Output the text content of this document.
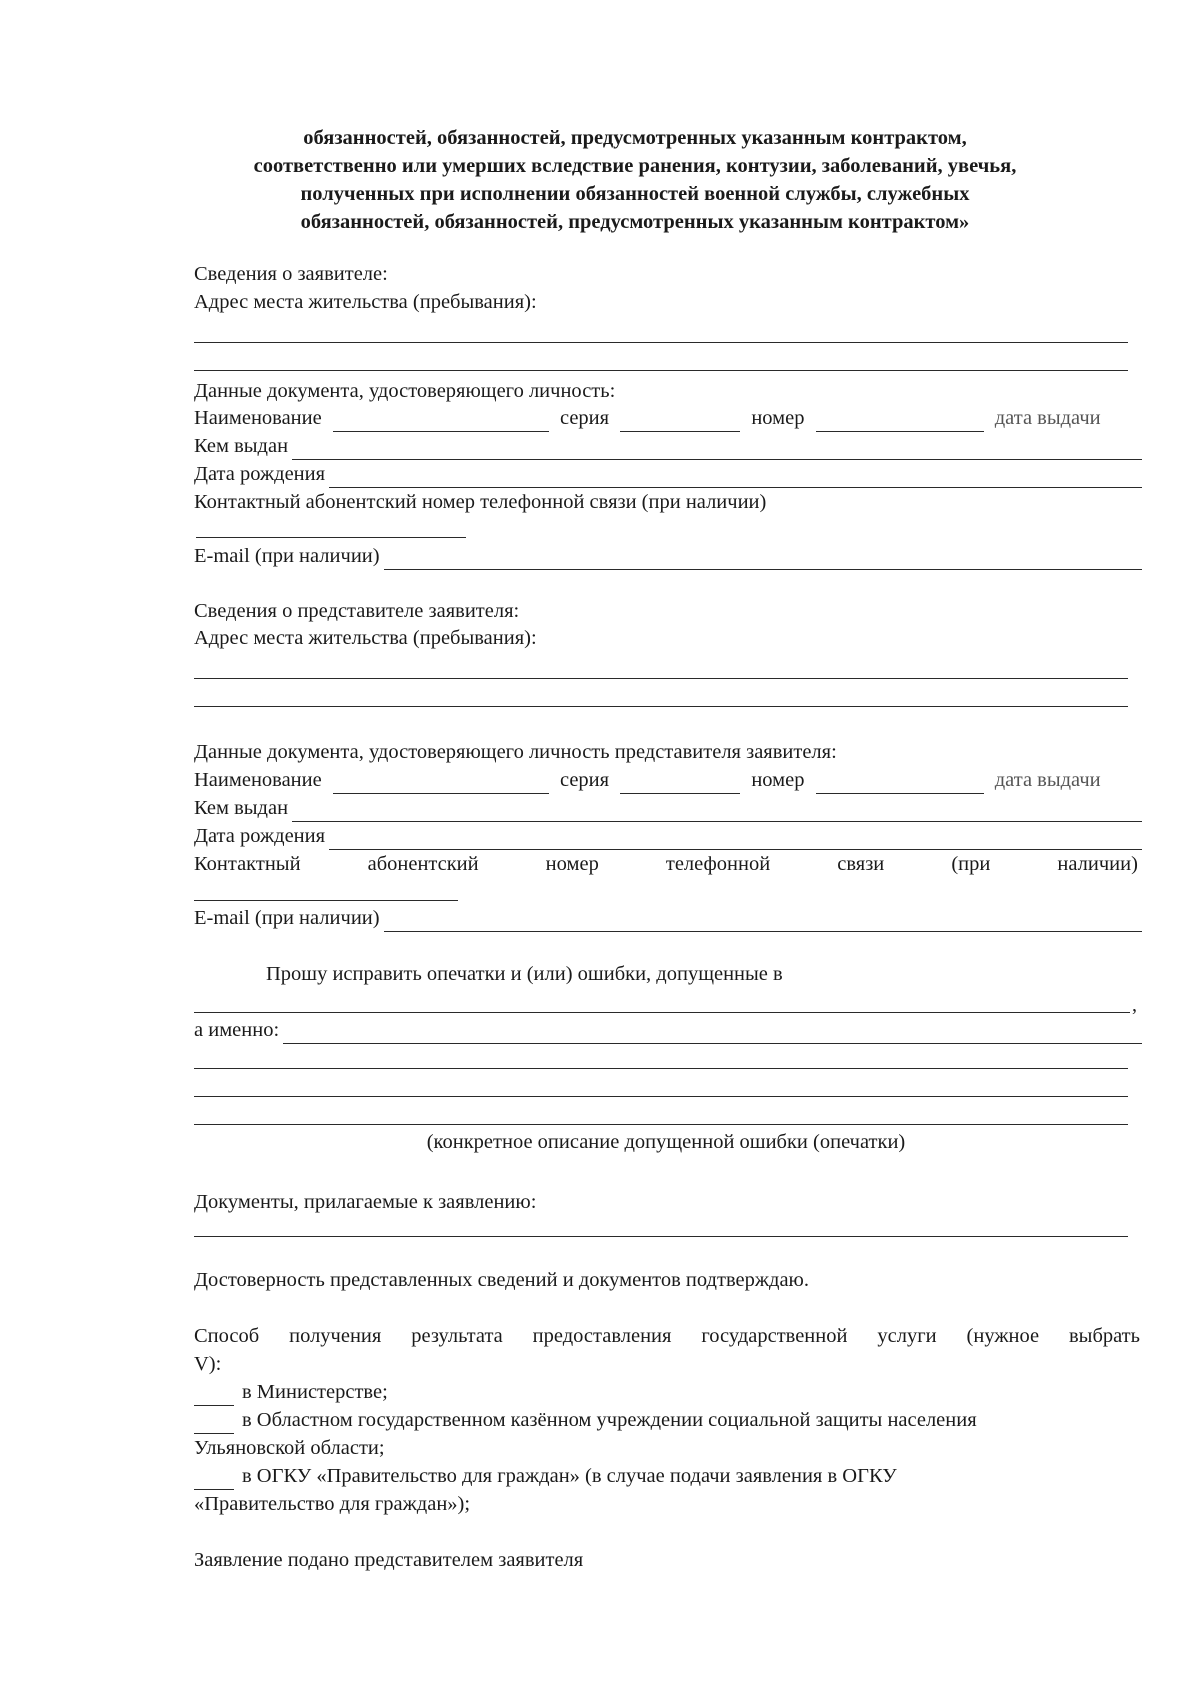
обязанностей, обязанностей, предусмотренных указанным контрактом,
соответственно или умерших вследствие ранения, контузии, заболеваний, увечья,
полученных при исполнении обязанностей военной службы, служебных
обязанностей, обязанностей, предусмотренных указанным контрактом»
Сведения о заявителе:
Адрес места жительства (пребывания):
Данные документа, удостоверяющего личность:
Наименование	серия	номер	дата выдачи
Кем выдан
Дата рождения
Контактный абонентский номер телефонной связи (при наличии)
E-mail (при наличии)
Сведения о представителе заявителя:
Адрес места жительства (пребывания):
Данные документа, удостоверяющего личность представителя заявителя:
Наименование	серия	номер	дата выдачи
Кем выдан
Дата рождения
Контактный	абонентский	номер	телефонной	связи	(при	наличии)
E-mail (при наличии)
Прошу исправить опечатки и (или) ошибки, допущенные в
,
а именно:
(конкретное описание допущенной ошибки (опечатки)
Документы, прилагаемые к заявлению:
Достоверность представленных сведений и документов подтверждаю.
Способ получения результата предоставления государственной услуги (нужное выбрать
V):
в Министерстве;
в Областном государственном казённом учреждении социальной защиты населения
Ульяновской области;
в ОГКУ «Правительство для граждан» (в случае подачи заявления в ОГКУ
«Правительство для граждан»);
Заявление подано представителем заявителя
